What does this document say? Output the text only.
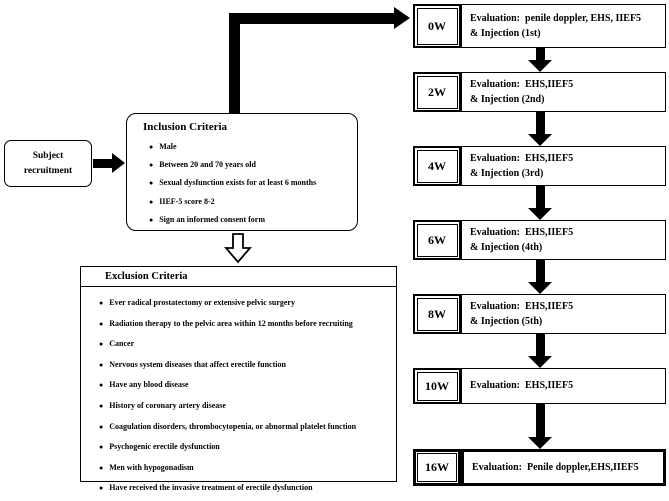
Subject recruitment
Inclusion Criteria
● Male
● Between 20 and 70 years old
● Sexual dysfunction exists for at least 6 months
● IIEF-5 score 8-2
● Sign an informed consent form
Exclusion Criteria
● Ever radical prostatectomy or extensive pelvic surgery
● Radiation therapy to the pelvic area within 12 months before recruiting
● Cancer
● Nervous system diseases that affect erectile function
● Have any blood disease
● History of coronary artery disease
● Coagulation disorders, thrombocytopenia, or abnormal platelet function
● Psychogenic erectile dysfunction
● Men with hypogonadism
● Have received the invasive treatment of erectile dysfunction
0W
Evaluation:  penile doppler, EHS, IIEF5
& Injection (1st)
2W
Evaluation:  EHS,IIEF5
& Injection (2nd)
4W
Evaluation:  EHS,IIEF5
& Injection (3rd)
6W
Evaluation:  EHS,IIEF5
& Injection (4th)
8W
Evaluation:  EHS,IIEF5
& Injection (5th)
10W Evaluation:  EHS,IIEF5
16W Evaluation:  Penile doppler,EHS,IIEF5
